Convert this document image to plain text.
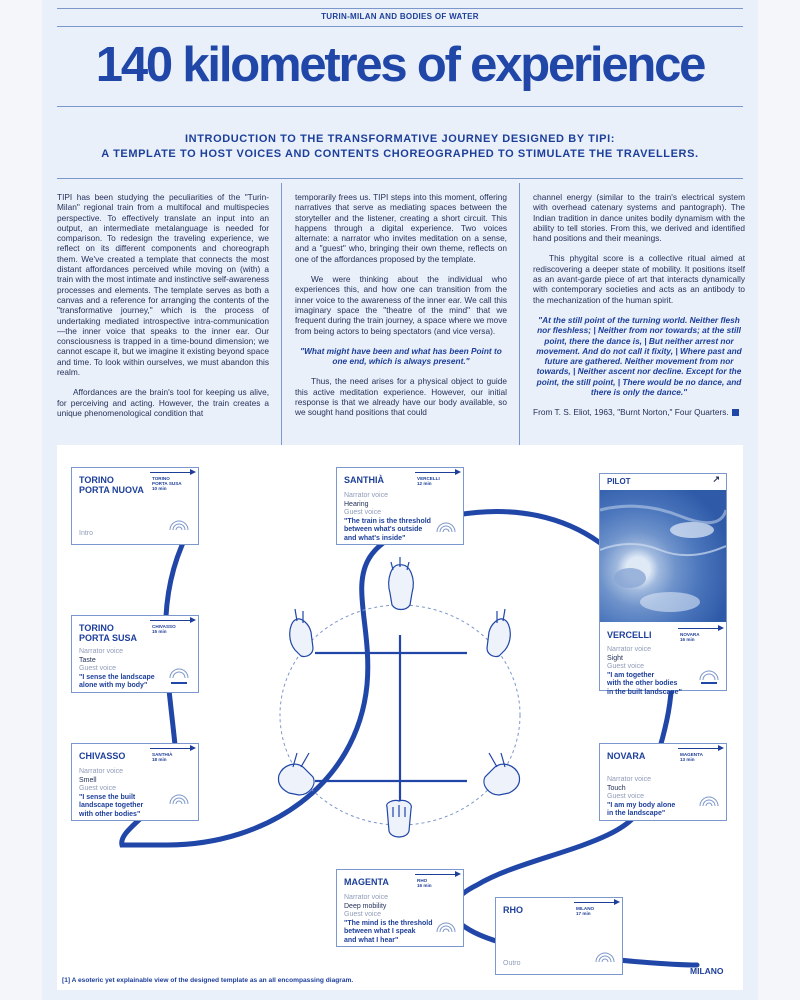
TURIN-MILAN AND BODIES OF WATER
140 kilometres of experience
INTRODUCTION TO THE TRANSFORMATIVE JOURNEY DESIGNED BY TIPI:
A TEMPLATE TO HOST VOICES AND CONTENTS CHOREOGRAPHED TO STIMULATE THE TRAVELLERS.

TIPI has been studying the peculiarities of the "Turin-Milan" regional train from a multifocal and multispecies perspective. To effectively translate an input into an output, an intermediate metalanguage is needed for comparison. To redesign the traveling experience, we reflect on its different components and choreograph them. We've created a template that connects the most distant affordances perceived while moving on (with) a train with the most intimate and instinctive self-awareness processes and elements. The template serves as both a canvas and a reference for arranging the contents of the "transformative journey," which is the process of undertaking mediated introspective intra-communication—the inner voice that speaks to the inner ear. Our consciousness is trapped in a time-bound dimension; we cannot escape it, but we imagine it existing beyond space and time. To look within ourselves, we must abandon this realm.

Affordances are the brain's tool for keeping us alive, for perceiving and acting. However, the train creates a unique phenomenological condition that

temporarily frees us. TIPI steps into this moment, offering narratives that serve as mediating spaces between the storyteller and the listener, creating a short circuit. This happens through a digital experience. Two voices alternate: a narrator who invites meditation on a sense, and a "guest" who, bringing their own theme, reflects on one of the affordances proposed by the template.

We were thinking about the individual who experiences this, and how one can transition from the inner voice to the awareness of the inner ear. We call this imaginary space the "theatre of the mind" that we frequent during the train journey, a space where we move from being actors to being spectators (and vice versa).

"What might have been and what has been Point to one end, which is always present."

Thus, the need arises for a physical object to guide this active meditation experience. However, our initial response is that we already have our body available, so we sought hand positions that could

channel energy (similar to the train's electrical system with overhead catenary systems and pantograph). The Indian tradition in dance unites bodily dynamism with the ability to tell stories. From this, we derived and identified hand positions and their meanings.

This phygital score is a collective ritual aimed at rediscovering a deeper state of mobility. It positions itself as an avant-garde piece of art that interacts dynamically with contemporary societies and acts as an antibody to the mechanization of the human spirit.

"At the still point of the turning world. Neither flesh nor fleshless; | Neither from nor towards; at the still point, there the dance is, | But neither arrest nor movement. And do not call it fixity, | Where past and future are gathered. Neither movement from nor towards, | Neither ascent nor decline. Except for the point, the still point, | There would be no dance, and there is only the dance."

From T. S. Eliot, 1963, "Burnt Norton," Four Quarters.

TORINO
PORTA NUOVA
TORINO
PORTA SUSA
10 min
Intro
TORINO
PORTA SUSA
CHIVASSO
15 min
Narrator voice
Taste
Guest voice
"I sense the landscape
alone with my body"
CHIVASSO	SANTHIÀ
18 min
Narrator voice
Smell
Guest voice
"I sense the built
landscape together
with other bodies"
SANTHIÀ	VERCELLI
12 min
Narrator voice
Hearing
Guest voice
"The train is the threshold
between what's outside
and what's inside"
PILOT	↗
VERCELLI	NOVARA
16 min
Narrator voice
Sight
Guest voice
"I am together
with the other bodies
in the built landscape"
NOVARA	MAGENTA
13 min
Narrator voice
Touch
Guest voice
"I am my body alone
in the landscape"
MAGENTA	RHO
16 min
Narrator voice
Deep mobility
Guest voice
"The mind is the threshold
between what I speak
and what I hear"
RHO	MILANO
17 min
Outro
MILANO
[1] A esoteric yet explainable view of the designed template as an all encompassing diagram.
